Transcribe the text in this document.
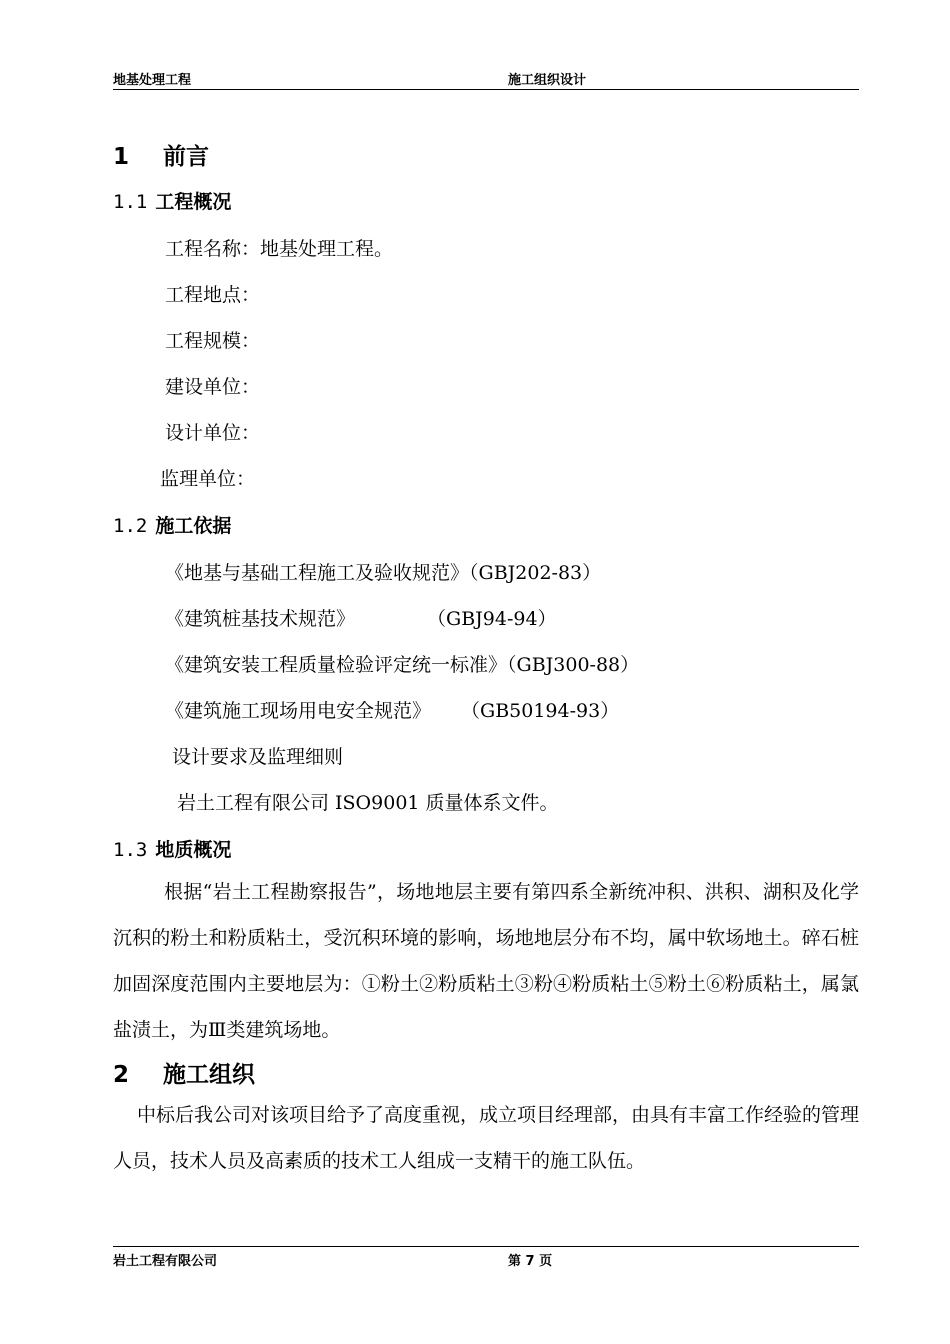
地基处理工程	施工组织设计
1 前言
1.1 工程概况
工程名称：地基处理工程。
工程地点：
工程规模：
建设单位：
设计单位：
监理单位：
1.2 施工依据
《地基与基础工程施工及验收规范》（GBJ202-83）
《建筑桩基技术规范》	（GBJ94-94）
《建筑安装工程质量检验评定统一标准》（GBJ300-88）
《建筑施工现场用电安全规范》 （GB50194-93）
设计要求及监理细则
岩土工程有限公司 ISO9001 质量体系文件。
1.3 地质概况
根据“岩土工程勘察报告”，场地地层主要有第四系全新统冲积、洪积、湖积及化学沉积的粉土和粉质粘土，受沉积环境的影响，场地地层分布不均，属中软场地土。碎石桩加固深度范围内主要地层为：①粉土②粉质粘土③粉④粉质粘土⑤粉土⑥粉质粘土，属氯盐渍土，为Ⅲ类建筑场地。
2 施工组织
中标后我公司对该项目给予了高度重视，成立项目经理部，由具有丰富工作经验的管理人员，技术人员及高素质的技术工人组成一支精干的施工队伍。
岩土工程有限公司	第 7 页
